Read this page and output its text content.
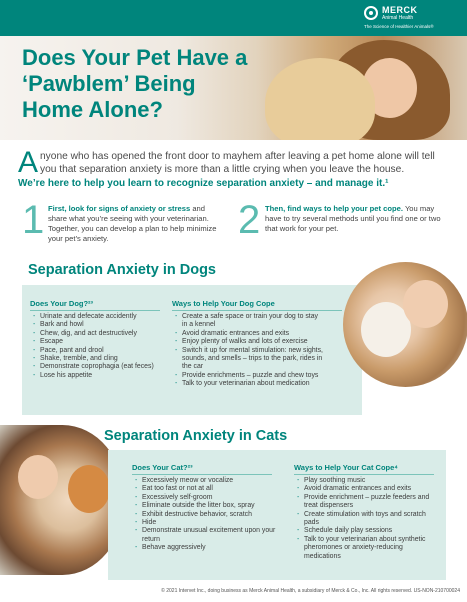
MERCK
Animal Health
The Science of Healthier Animals®
Does Your Pet Have a ‘Pawblem’ Being Home Alone?
Anyone who has opened the front door to mayhem after leaving a pet home alone will tell you that separation anxiety is more than a little crying when you leave the house.
We’re here to help you learn to recognize separation anxiety – and manage it.¹
1 First, look for signs of anxiety or stress and share what you’re seeing with your veterinarian. Together, you can develop a plan to help minimize your pet’s anxiety.	2 Then, find ways to help your pet cope. You may have to try several methods until you find one or two that work for your pet.
Separation Anxiety in Dogs
Does Your Dog?²³
- Urinate and defecate accidently
- Bark and howl
- Chew, dig, and act destructively
- Escape
- Pace, pant and drool
- Shake, tremble, and cling
- Demonstrate coprophagia (eat feces)
- Lose his appetite
Ways to Help Your Dog Cope
- Create a safe space or train your dog to stay in a kennel
- Avoid dramatic entrances and exits
- Enjoy plenty of walks and lots of exercise
- Switch it up for mental stimulation: new sights, sounds, and smells – trips to the park, rides in the car
- Provide enrichments – puzzle and chew toys
- Talk to your veterinarian about medication
Separation Anxiety in Cats
Does Your Cat?²³
- Excessively meow or vocalize
- Eat too fast or not at all
- Excessively self-groom
- Eliminate outside the litter box, spray
- Exhibit destructive behavior, scratch
- Hide
- Demonstrate unusual excitement upon your return
- Behave aggressively
Ways to Help Your Cat Cope⁴
- Play soothing music
- Avoid dramatic entrances and exits
- Provide enrichment – puzzle feeders and treat dispensers
- Create stimulation with toys and scratch pads
- Schedule daily play sessions
- Talk to your veterinarian about synthetic pheromones or anxiety-reducing medications
© 2021 Intervet Inc., doing business as Merck Animal Health, a subsidiary of Merck & Co., Inc. All rights reserved. US-NON-210700024
